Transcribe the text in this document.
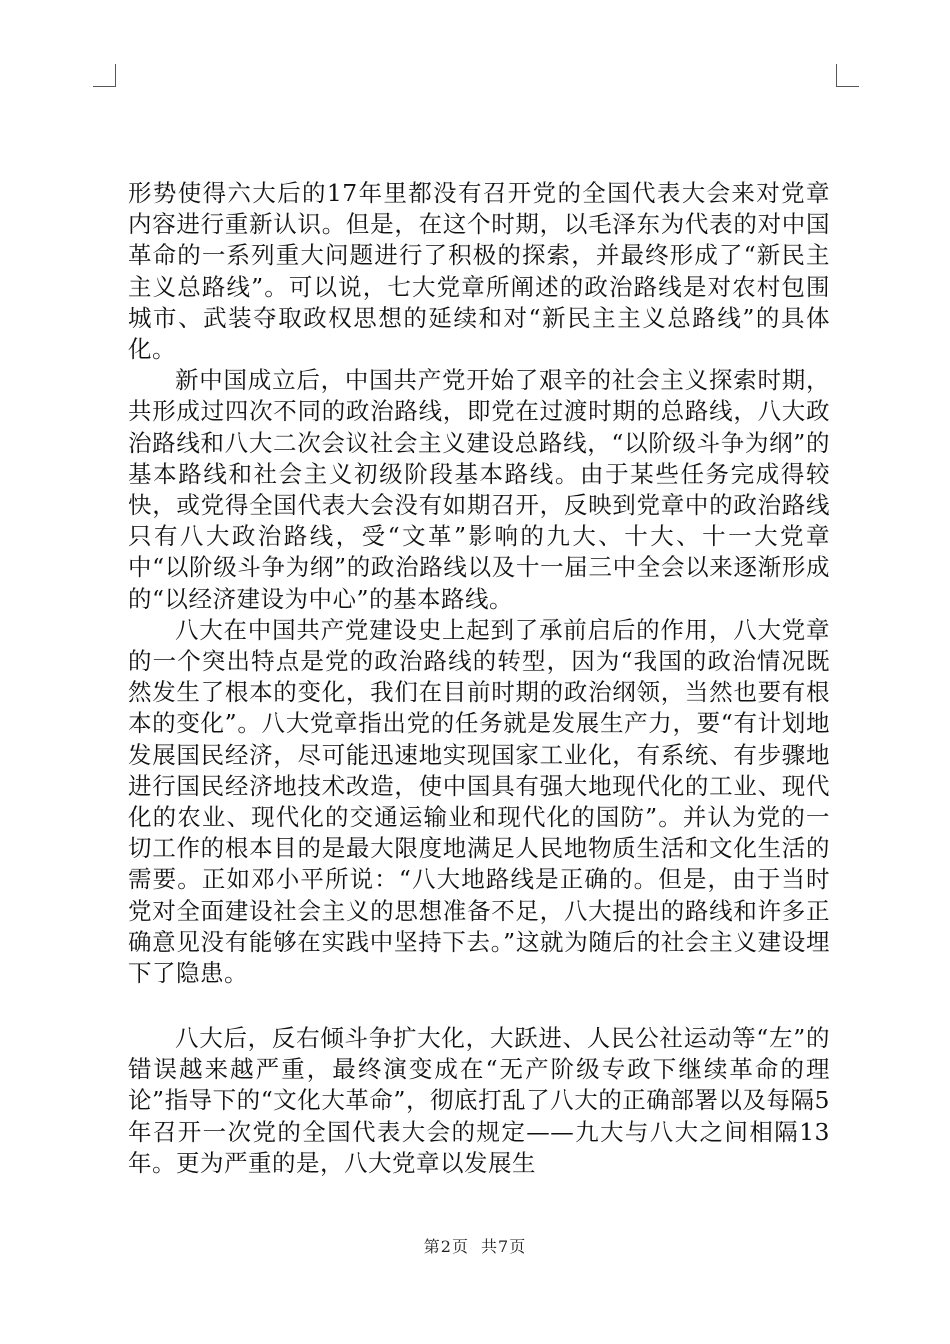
形势使得六大后的17年里都没有召开党的全国代表大会来对党章内容进行重新认识。但是，在这个时期，以毛泽东为代表的对中国革命的一系列重大问题进行了积极的探索，并最终形成了“新民主主义总路线”。可以说，七大党章所阐述的政治路线是对农村包围城市、武装夺取政权思想的延续和对“新民主主义总路线”的具体化。

新中国成立后，中国共产党开始了艰辛的社会主义探索时期，共形成过四次不同的政治路线，即党在过渡时期的总路线，八大政治路线和八大二次会议社会主义建设总路线，“以阶级斗争为纲”的基本路线和社会主义初级阶段基本路线。由于某些任务完成得较快，或党得全国代表大会没有如期召开，反映到党章中的政治路线只有八大政治路线，受“文革”影响的九大、十大、十一大党章中“以阶级斗争为纲”的政治路线以及十一届三中全会以来逐渐形成的“以经济建设为中心”的基本路线。

八大在中国共产党建设史上起到了承前启后的作用，八大党章的一个突出特点是党的政治路线的转型，因为“我国的政治情况既然发生了根本的变化，我们在目前时期的政治纲领，当然也要有根本的变化”。八大党章指出党的任务就是发展生产力，要“有计划地发展国民经济，尽可能迅速地实现国家工业化，有系统、有步骤地进行国民经济地技术改造，使中国具有强大地现代化的工业、现代化的农业、现代化的交通运输业和现代化的国防”。并认为党的一切工作的根本目的是最大限度地满足人民地物质生活和文化生活的需要。正如邓小平所说：“八大地路线是正确的。但是，由于当时党对全面建设社会主义的思想准备不足，八大提出的路线和许多正确意见没有能够在实践中坚持下去。”这就为随后的社会主义建设埋下了隐患。

八大后，反右倾斗争扩大化，大跃进、人民公社运动等“左”的错误越来越严重，最终演变成在“无产阶级专政下继续革命的理论”指导下的“文化大革命”，彻底打乱了八大的正确部署以及每隔5年召开一次党的全国代表大会的规定——九大与八大之间相隔13年。更为严重的是，八大党章以发展生

第2页 共7页
